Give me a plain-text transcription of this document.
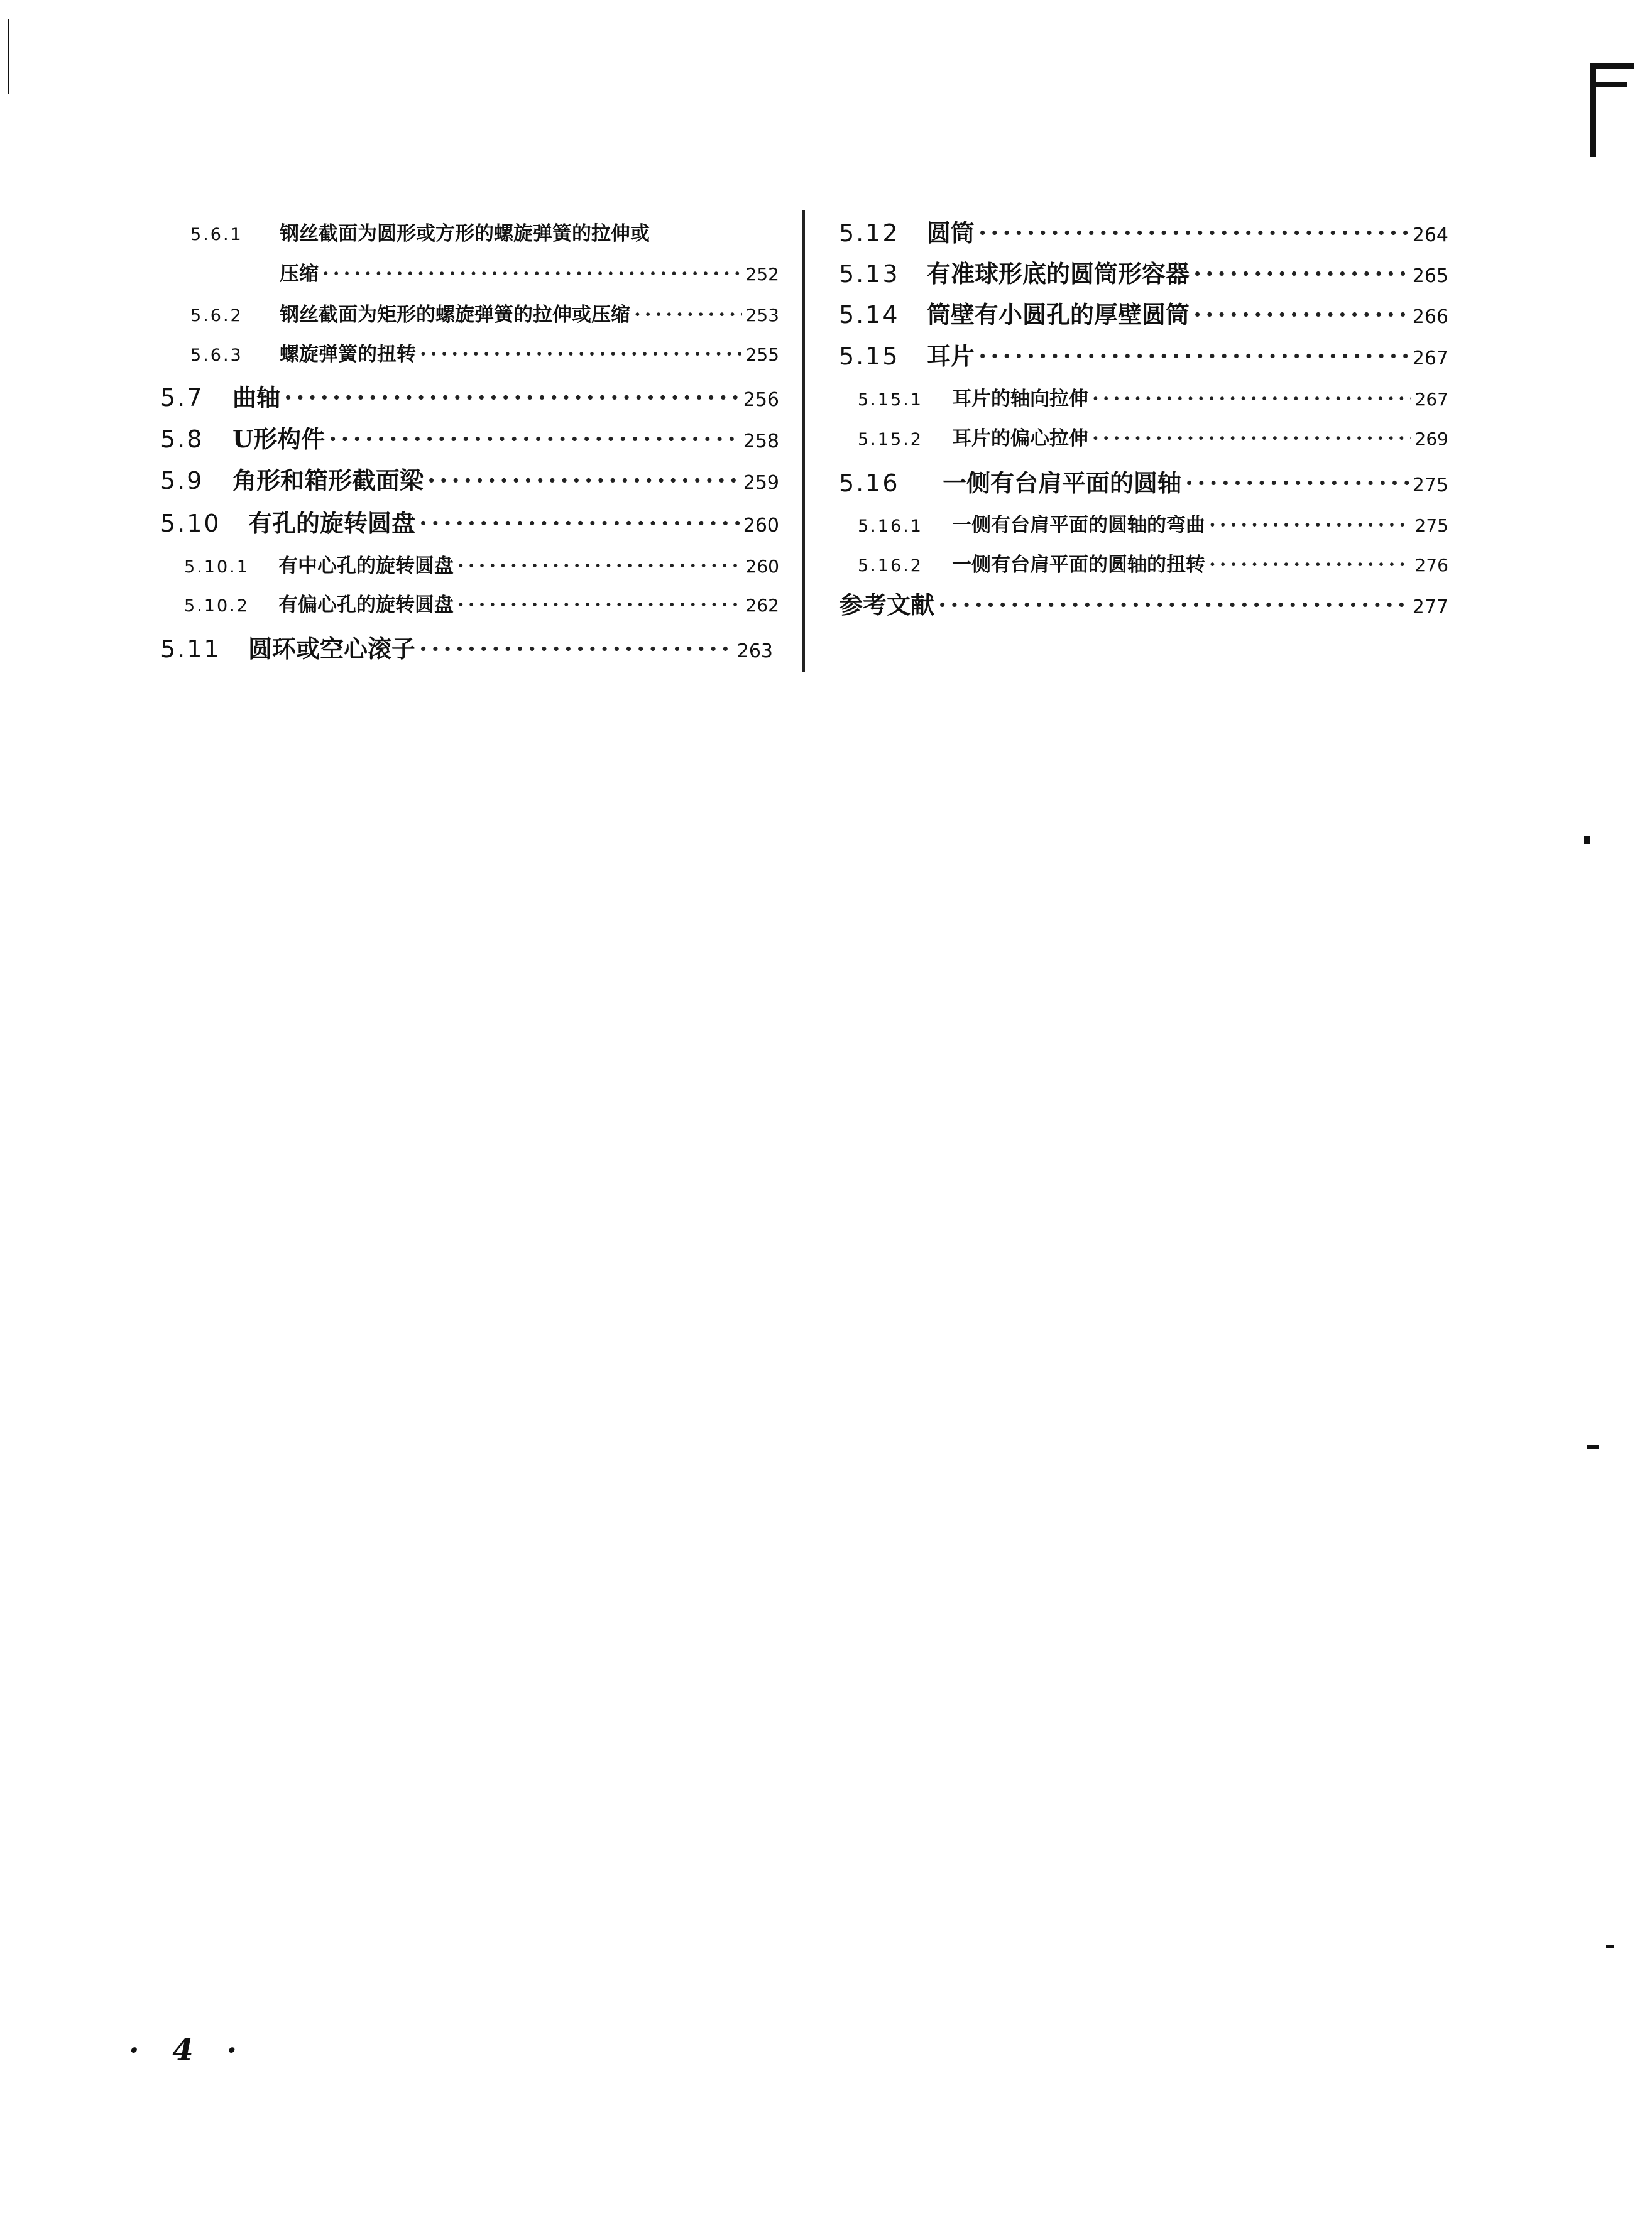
5.6.1	钢丝截面为圆形或方形的螺旋弹簧的拉伸或
压缩 ·····	252
5.6.2	钢丝截面为矩形的螺旋弹簧的拉伸或压缩 ·····	253
5.6.3	螺旋弹簧的扭转 ·····	255
5.7	曲轴 ·····	256
5.8	U形构件 ·····	258
5.9	角形和箱形截面梁 ·····	259
5.10	有孔的旋转圆盘 ·····	260
5.10.1	有中心孔的旋转圆盘 ·····	260
5.10.2	有偏心孔的旋转圆盘 ·····	262
5.11	圆环或空心滚子 ·····	263
5.12	圆筒 ·····	264
5.13	有准球形底的圆筒形容器 ·····	265
5.14	筒壁有小圆孔的厚壁圆筒 ·····	266
5.15	耳片 ·····	267
5.15.1	耳片的轴向拉伸 ·····	267
5.15.2	耳片的偏心拉伸 ·····	269
5.16	一侧有台肩平面的圆轴 ·····	275
5.16.1	一侧有台肩平面的圆轴的弯曲 ·····	275
5.16.2	一侧有台肩平面的圆轴的扭转 ·····	276
参考文献 ·····	277
· 4 ·
